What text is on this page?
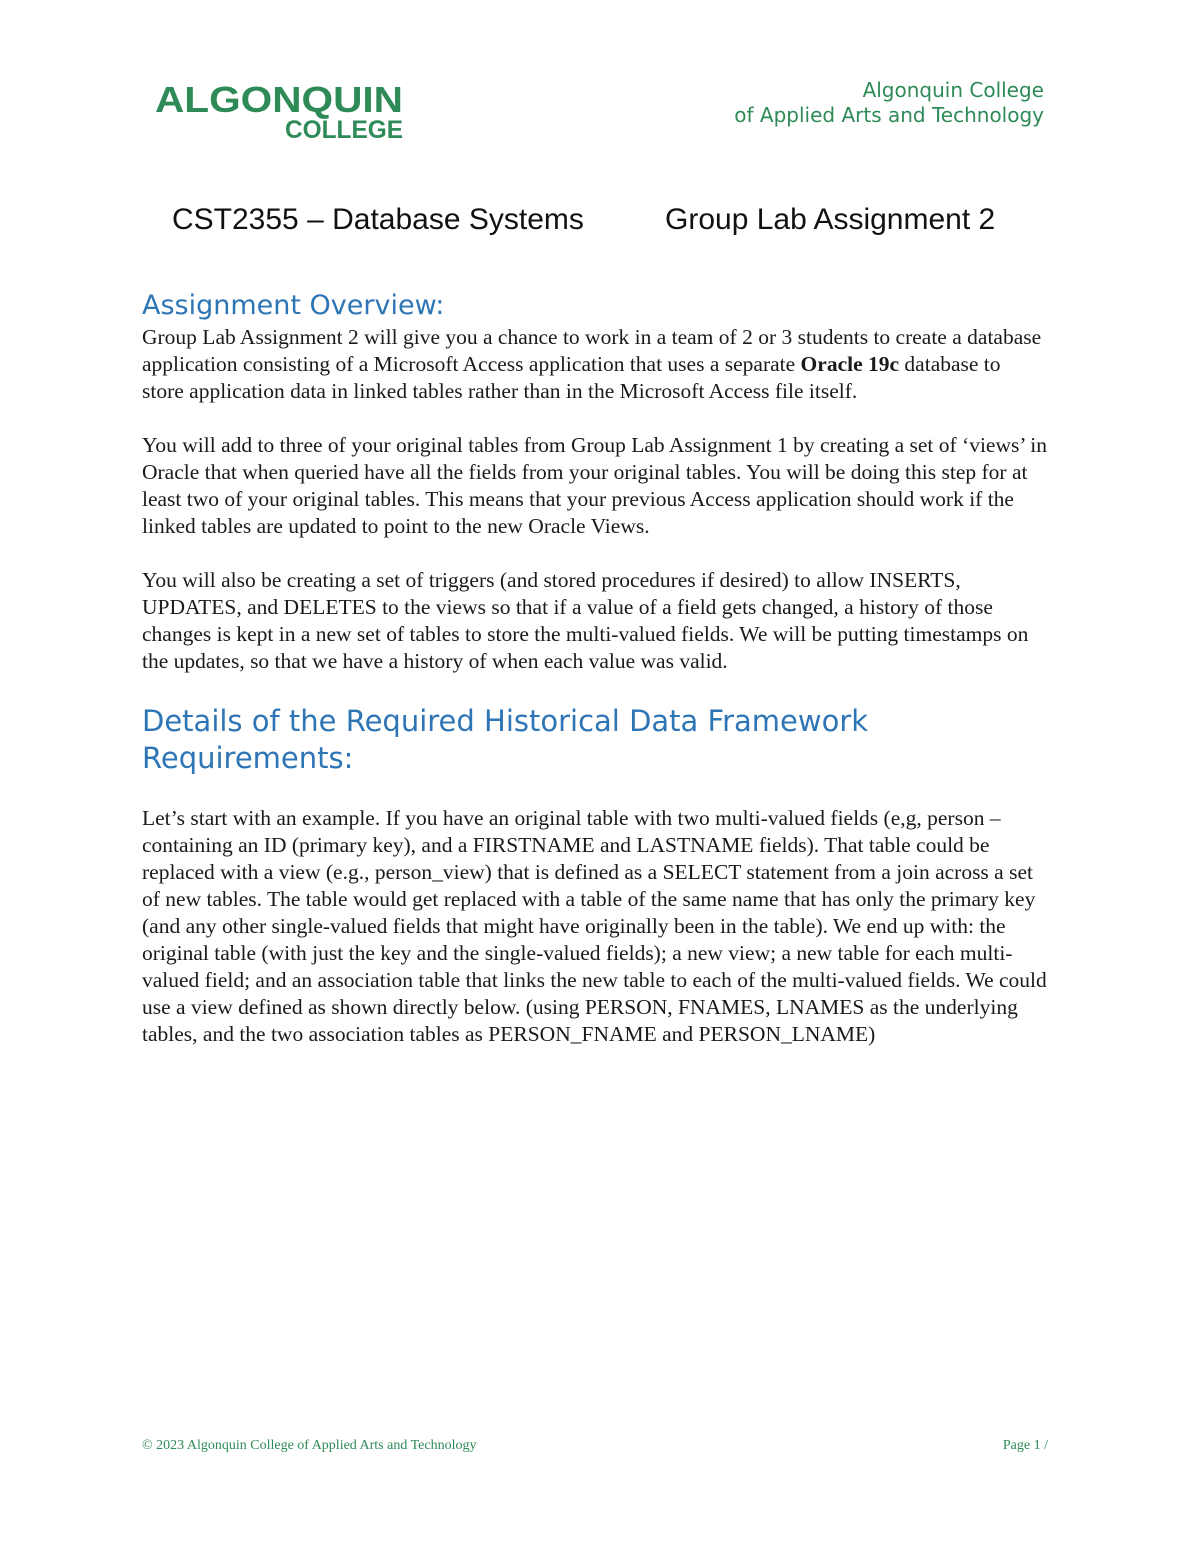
ALGONQUIN
COLLEGE
Algonquin College
of Applied Arts and Technology
CST2355 – Database Systems	Group Lab Assignment 2
Assignment Overview:

Group Lab Assignment 2 will give you a chance to work in a team of 2 or 3 students to create a database application consisting of a Microsoft Access application that uses a separate Oracle 19c database to store application data in linked tables rather than in the Microsoft Access file itself.

You will add to three of your original tables from Group Lab Assignment 1 by creating a set of ‘views’ in Oracle that when queried have all the fields from your original tables. You will be doing this step for at least two of your original tables. This means that your previous Access application should work if the linked tables are updated to point to the new Oracle Views.

You will also be creating a set of triggers (and stored procedures if desired) to allow INSERTS, UPDATES, and DELETES to the views so that if a value of a field gets changed, a history of those changes is kept in a new set of tables to store the multi-valued fields. We will be putting timestamps on the updates, so that we have a history of when each value was valid.

Details of the Required Historical Data Framework Requirements:

Let’s start with an example. If you have an original table with two multi-valued fields (e,g, person – containing an ID (primary key), and a FIRSTNAME and LASTNAME fields). That table could be replaced with a view (e.g., person_view) that is defined as a SELECT statement from a join across a set of new tables. The table would get replaced with a table of the same name that has only the primary key (and any other single-valued fields that might have originally been in the table). We end up with: the original table (with just the key and the single-valued fields); a new view; a new table for each multi-valued field; and an association table that links the new table to each of the multi-valued fields. We could use a view defined as shown directly below. (using PERSON, FNAMES, LNAMES as the underlying tables, and the two association tables as PERSON_FNAME and PERSON_LNAME)

© 2023 Algonquin College of Applied Arts and Technology	Page 1 /
